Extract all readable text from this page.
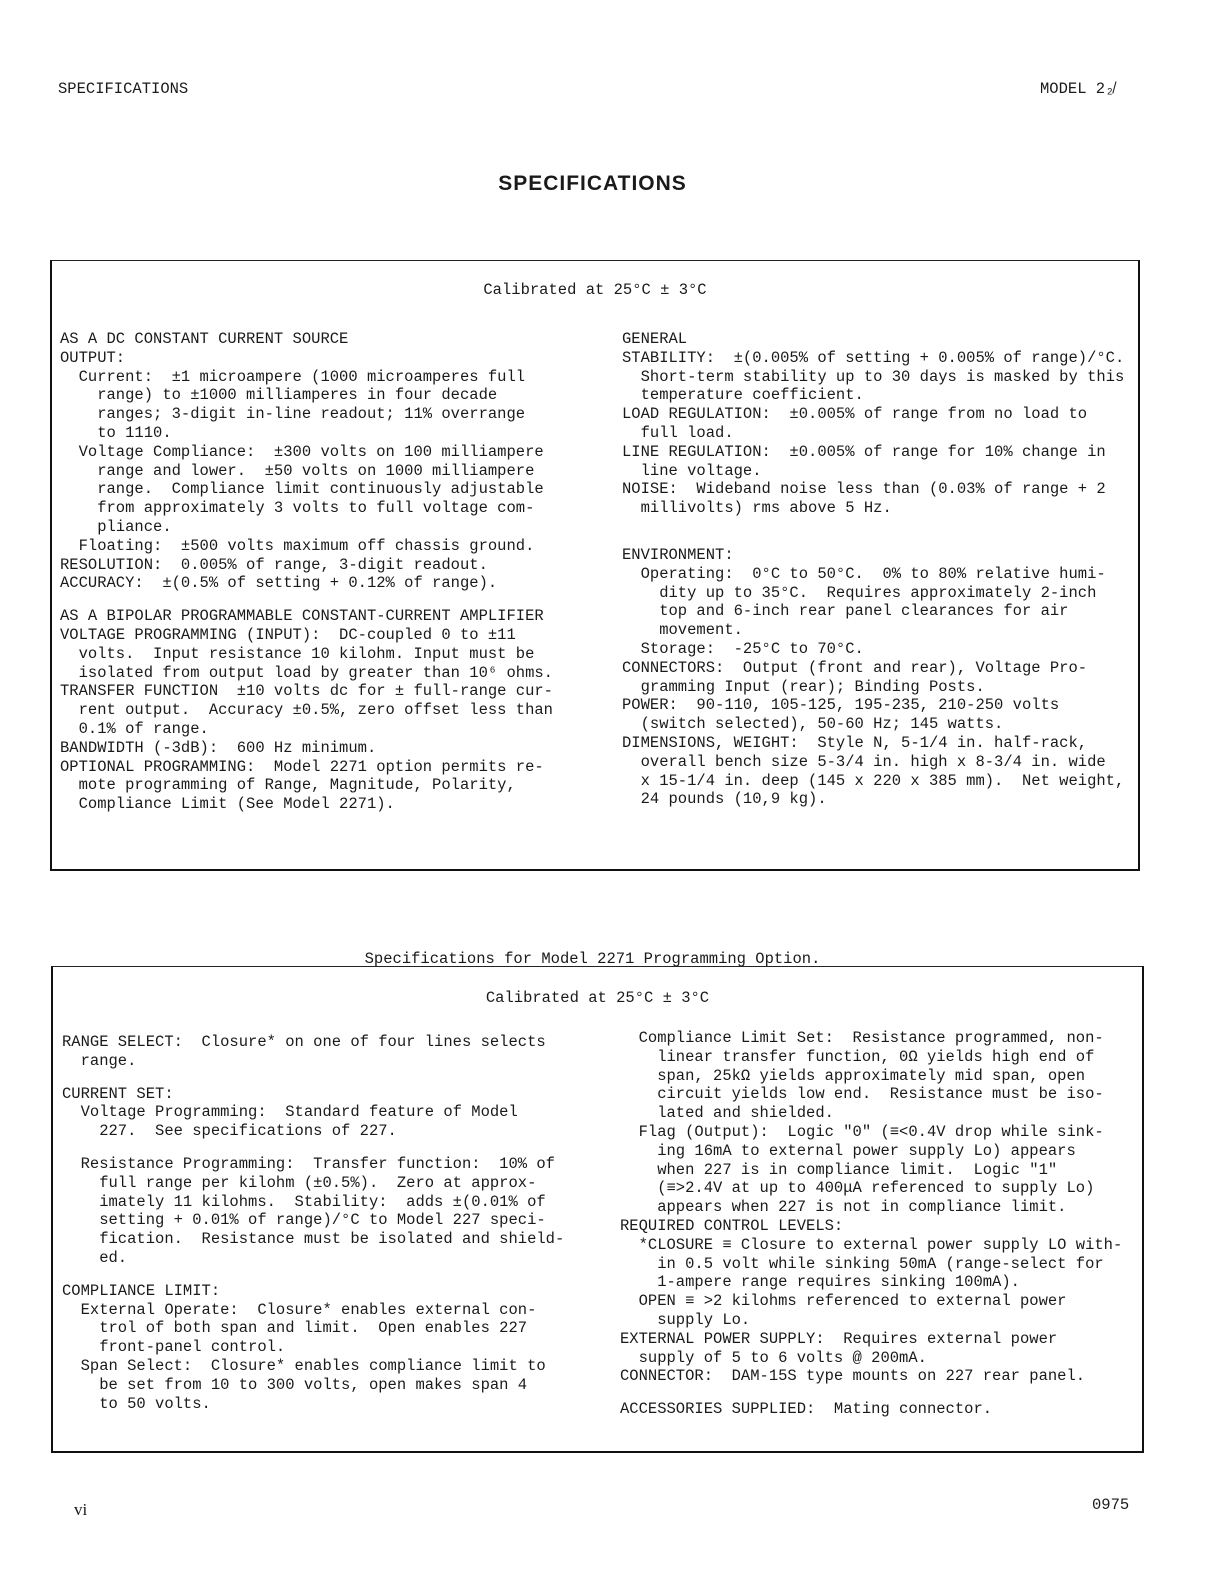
SPECIFICATIONS	MODEL 2₂̸
SPECIFICATIONS
Calibrated at 25°C ± 3°C
AS A DC CONSTANT CURRENT SOURCE
OUTPUT:
Current:  ±1 microampere (1000 microamperes full
range) to ±1000 milliamperes in four decade
ranges; 3-digit in-line readout; 11% overrange
to 1110.
Voltage Compliance:  ±300 volts on 100 milliampere
range and lower.  ±50 volts on 1000 milliampere
range.  Compliance limit continuously adjustable
from approximately 3 volts to full voltage com-
pliance.
Floating:  ±500 volts maximum off chassis ground.
RESOLUTION:  0.005% of range, 3-digit readout.
ACCURACY:  ±(0.5% of setting + 0.12% of range).
AS A BIPOLAR PROGRAMMABLE CONSTANT-CURRENT AMPLIFIER
VOLTAGE PROGRAMMING (INPUT):  DC-coupled 0 to ±11
volts.  Input resistance 10 kilohm. Input must be
isolated from output load by greater than 10⁶ ohms.
TRANSFER FUNCTION  ±10 volts dc for ± full-range cur-
rent output.  Accuracy ±0.5%, zero offset less than
0.1% of range.
BANDWIDTH (-3dB):  600 Hz minimum.
OPTIONAL PROGRAMMING:  Model 2271 option permits re-
mote programming of Range, Magnitude, Polarity,
Compliance Limit (See Model 2271).
GENERAL
STABILITY:  ±(0.005% of setting + 0.005% of range)/°C.
Short-term stability up to 30 days is masked by this
temperature coefficient.
LOAD REGULATION:  ±0.005% of range from no load to
full load.
LINE REGULATION:  ±0.005% of range for 10% change in
line voltage.
NOISE:  Wideband noise less than (0.03% of range + 2
millivolts) rms above 5 Hz.
ENVIRONMENT:
Operating:  0°C to 50°C.  0% to 80% relative humi-
dity up to 35°C.  Requires approximately 2-inch
top and 6-inch rear panel clearances for air
movement.
Storage:  -25°C to 70°C.
CONNECTORS:  Output (front and rear), Voltage Pro-
gramming Input (rear); Binding Posts.
POWER:  90-110, 105-125, 195-235, 210-250 volts
(switch selected), 50-60 Hz; 145 watts.
DIMENSIONS, WEIGHT:  Style N, 5-1/4 in. half-rack,
overall bench size 5-3/4 in. high x 8-3/4 in. wide
x 15-1/4 in. deep (145 x 220 x 385 mm).  Net weight,
24 pounds (10,9 kg).
Specifications for Model 2271 Programming Option.
Calibrated at 25°C ± 3°C
RANGE SELECT:  Closure* on one of four lines selects
range.
CURRENT SET:
Voltage Programming:  Standard feature of Model
227.  See specifications of 227.
Resistance Programming:  Transfer function:  10% of
full range per kilohm (±0.5%).  Zero at approx-
imately 11 kilohms.  Stability:  adds ±(0.01% of
setting + 0.01% of range)/°C to Model 227 speci-
fication.  Resistance must be isolated and shield-
ed.
COMPLIANCE LIMIT:
External Operate:  Closure* enables external con-
trol of both span and limit.  Open enables 227
front-panel control.
Span Select:  Closure* enables compliance limit to
be set from 10 to 300 volts, open makes span 4
to 50 volts.
Compliance Limit Set:  Resistance programmed, non-
linear transfer function, 0Ω yields high end of
span, 25kΩ yields approximately mid span, open
circuit yields low end.  Resistance must be iso-
lated and shielded.
Flag (Output):  Logic "0" (≡<0.4V drop while sink-
ing 16mA to external power supply Lo) appears
when 227 is in compliance limit.  Logic "1"
(≡>2.4V at up to 400μA referenced to supply Lo)
appears when 227 is not in compliance limit.
REQUIRED CONTROL LEVELS:
*CLOSURE ≡ Closure to external power supply LO with-
in 0.5 volt while sinking 50mA (range-select for
1-ampere range requires sinking 100mA).
OPEN ≡ >2 kilohms referenced to external power
supply Lo.
EXTERNAL POWER SUPPLY:  Requires external power
supply of 5 to 6 volts @ 200mA.
CONNECTOR:  DAM-15S type mounts on 227 rear panel.
ACCESSORIES SUPPLIED:  Mating connector.
vi	0975
